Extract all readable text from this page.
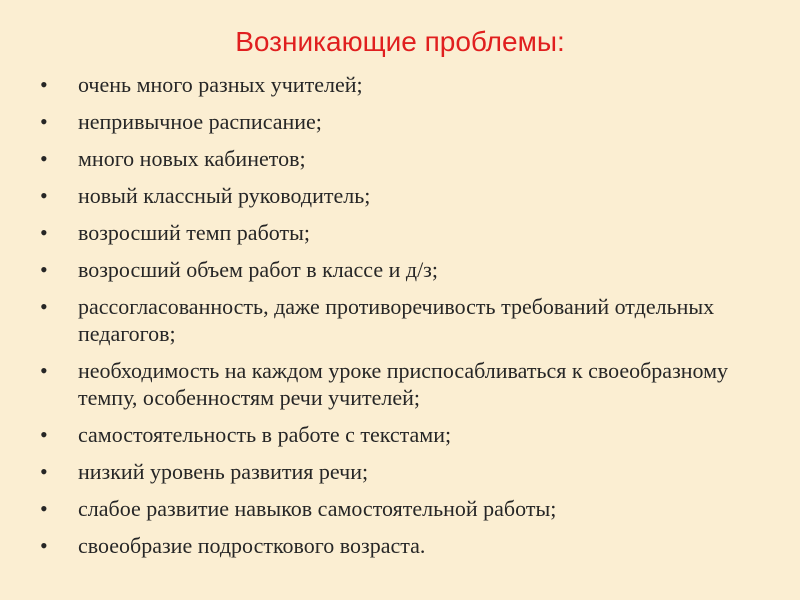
Возникающие проблемы:
•	очень много разных учителей;
•	непривычное расписание;
•	много новых кабинетов;
•	новый классный руководитель;
•	возросший темп работы;
•	возросший объем работ в классе и д/з;
•	рассогласованность, даже противоречивость требований отдельных педагогов;
•	необходимость на каждом уроке приспосабливаться к своеобразному темпу, особенностям речи учителей;
•	самостоятельность в работе с текстами;
•	низкий уровень развития речи;
•	слабое развитие навыков самостоятельной работы;
•	своеобразие подросткового возраста.
